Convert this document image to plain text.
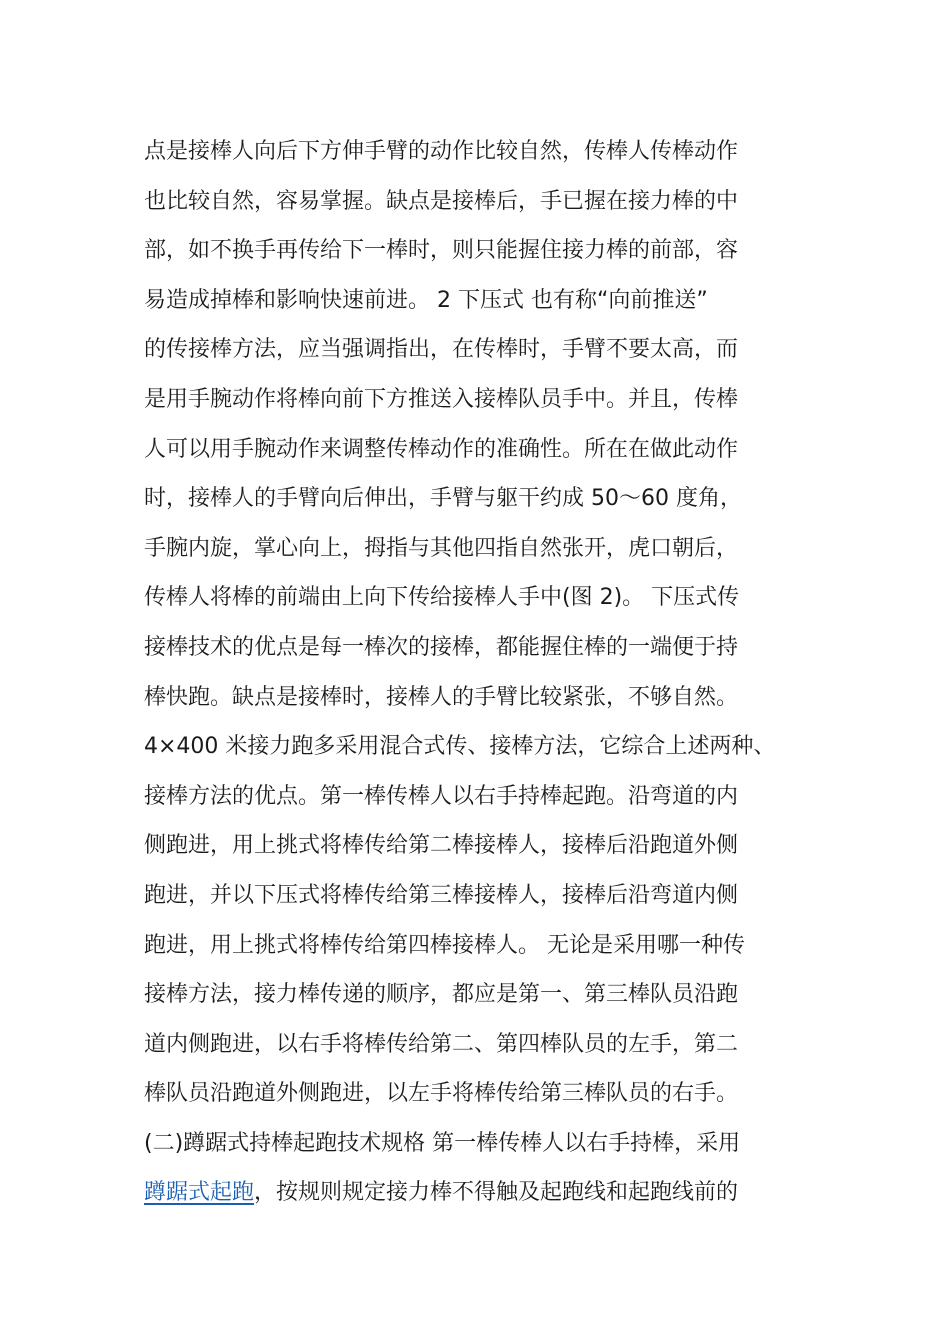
点是接棒人向后下方伸手臂的动作比较自然，传棒人传棒动作
也比较自然，容易掌握。缺点是接棒后，手已握在接力棒的中
部，如不换手再传给下一棒时，则只能握住接力棒的前部，容
易造成掉棒和影响快速前进。 2 下压式 也有称“向前推送”
的传接棒方法，应当强调指出，在传棒时，手臂不要太高，而
是用手腕动作将棒向前下方推送入接棒队员手中。并且，传棒
人可以用手腕动作来调整传棒动作的准确性。所在在做此动作
时，接棒人的手臂向后伸出，手臂与躯干约成 50～60 度角，
手腕内旋，掌心向上，拇指与其他四指自然张开，虎口朝后，
传棒人将棒的前端由上向下传给接棒人手中(图 2)。 下压式传
接棒技术的优点是每一棒次的接棒，都能握住棒的一端便于持
棒快跑。缺点是接棒时，接棒人的手臂比较紧张，不够自然。
4×400 米接力跑多采用混合式传、接棒方法，它综合上述两种、
接棒方法的优点。第一棒传棒人以右手持棒起跑。沿弯道的内
侧跑进，用上挑式将棒传给第二棒接棒人，接棒后沿跑道外侧
跑进，并以下压式将棒传给第三棒接棒人，接棒后沿弯道内侧
跑进，用上挑式将棒传给第四棒接棒人。 无论是采用哪一种传
接棒方法，接力棒传递的顺序，都应是第一、第三棒队员沿跑
道内侧跑进，以右手将棒传给第二、第四棒队员的左手，第二
棒队员沿跑道外侧跑进，以左手将棒传给第三棒队员的右手。
(二)蹲踞式持棒起跑技术规格 第一棒传棒人以右手持棒，采用
蹲踞式起跑，按规则规定接力棒不得触及起跑线和起跑线前的
